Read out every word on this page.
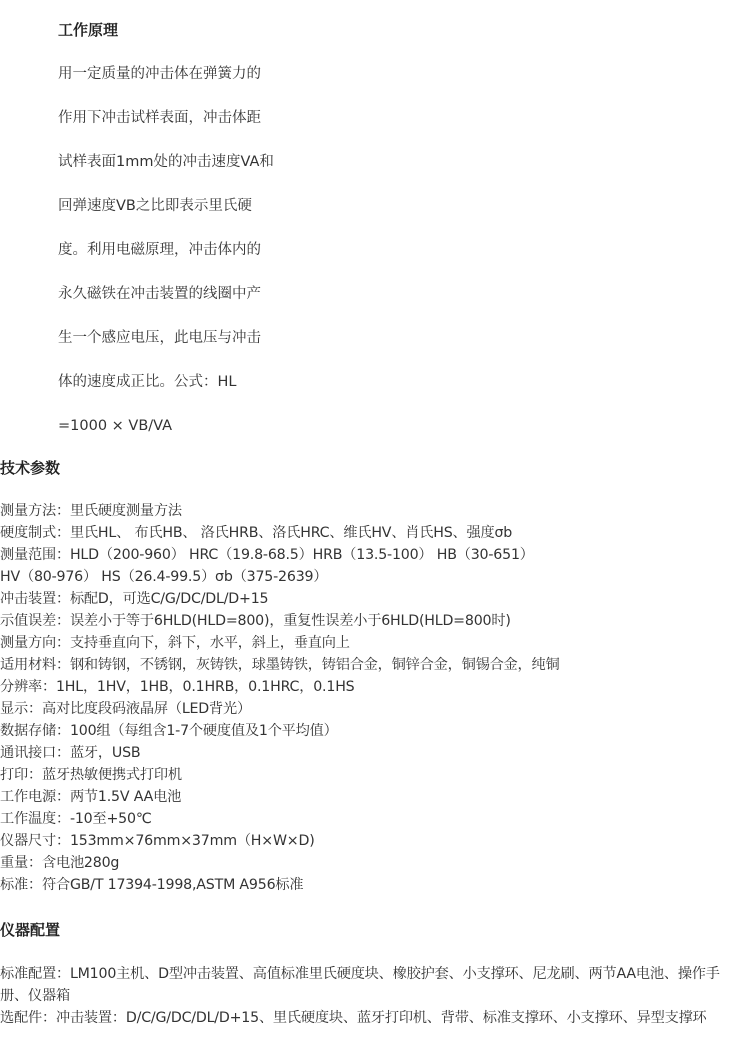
工作原理
用一定质量的冲击体在弹簧力的
作用下冲击试样表面，冲击体距
试样表面1mm处的冲击速度VA和
回弹速度VB之比即表示里氏硬
度。利用电磁原理，冲击体内的
永久磁铁在冲击装置的线圈中产
生一个感应电压，此电压与冲击
体的速度成正比。公式：HL
=1000 × VB/VA
技术参数
测量方法：里氏硬度测量方法
硬度制式：里氏HL、 布氏HB、 洛氏HRB、洛氏HRC、维氏HV、肖氏HS、强度σb
测量范围：HLD（200-960） HRC（19.8-68.5）HRB（13.5-100） HB（30-651）
HV（80-976） HS（26.4-99.5）σb（375-2639）
冲击装置：标配D，可选C/G/DC/DL/D+15
示值误差：误差小于等于6HLD(HLD=800)，重复性误差小于6HLD(HLD=800时)
测量方向：支持垂直向下，斜下，水平，斜上，垂直向上
适用材料：钢和铸钢，不锈钢，灰铸铁，球墨铸铁，铸铝合金，铜锌合金，铜锡合金，纯铜
分辨率：1HL，1HV，1HB，0.1HRB，0.1HRC，0.1HS
显示：高对比度段码液晶屏（LED背光）
数据存储：100组（每组含1-7个硬度值及1个平均值）
通讯接口：蓝牙，USB
打印：蓝牙热敏便携式打印机
工作电源：两节1.5V AA电池
工作温度：-10至+50℃
仪器尺寸：153mm×76mm×37mm（H×W×D)
重量：含电池280g
标准：符合GB/T 17394-1998,ASTM A956标准
仪器配置
标准配置：LM100主机、D型冲击装置、高值标准里氏硬度块、橡胶护套、小支撑环、尼龙刷、两节AA电池、操作手册、仪器箱
选配件：冲击装置：D/C/G/DC/DL/D+15、里氏硬度块、蓝牙打印机、背带、标准支撑环、小支撑环、异型支撑环
